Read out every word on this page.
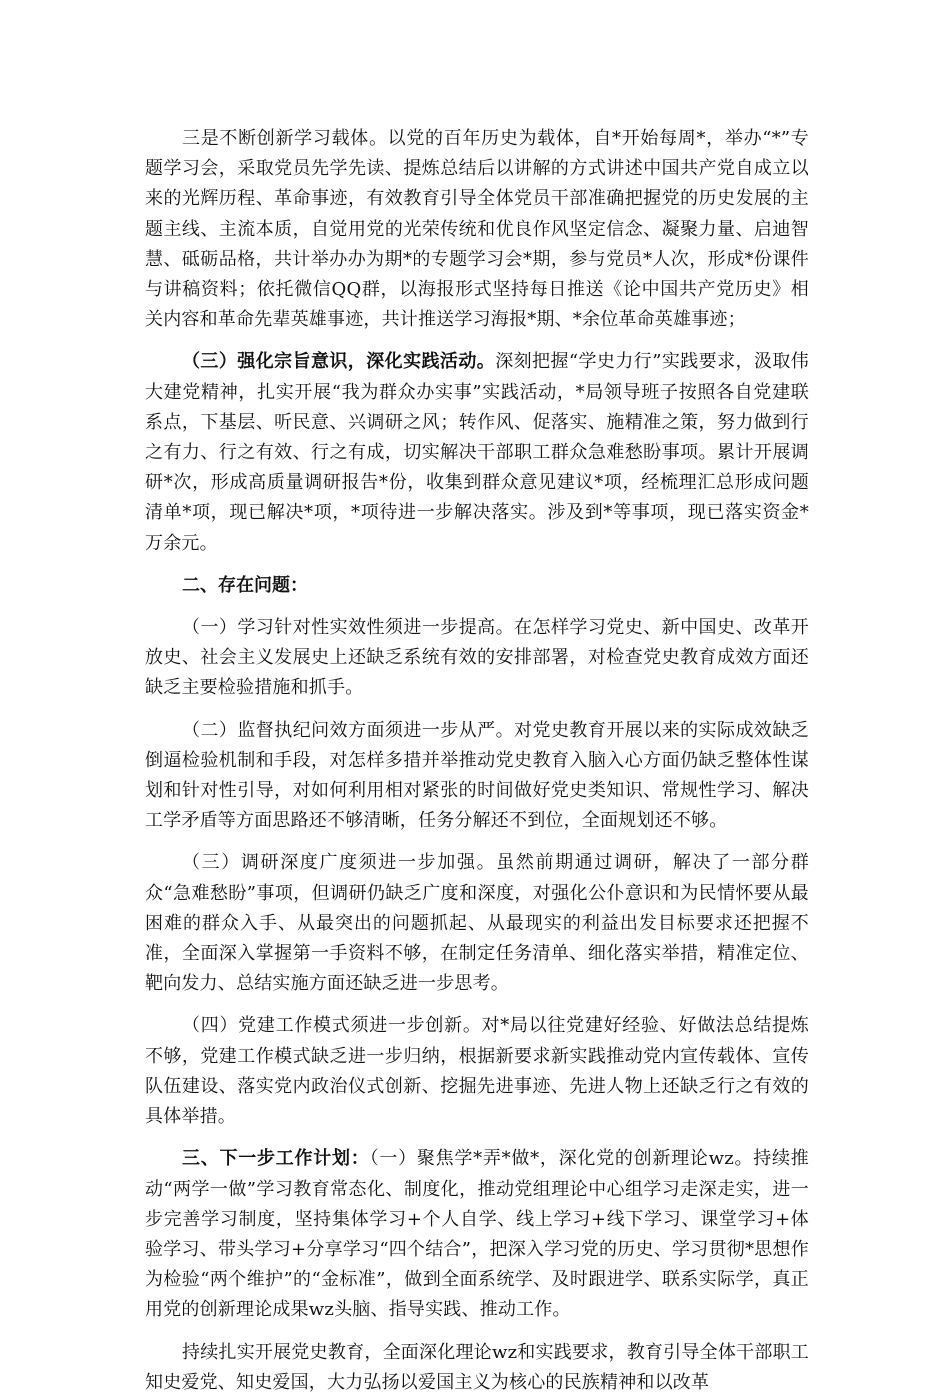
三是不断创新学习载体。以党的百年历史为载体，自*开始每周*，举办“*”专题学习会，采取党员先学先读、提炼总结后以讲解的方式讲述中国共产党自成立以来的光辉历程、革命事迹，有效教育引导全体党员干部准确把握党的历史发展的主题主线、主流本质，自觉用党的光荣传统和优良作风坚定信念、凝聚力量、启迪智慧、砥砺品格，共计举办办为期*的专题学习会*期，参与党员*人次，形成*份课件与讲稿资料；依托微信QQ群，以海报形式坚持每日推送《论中国共产党历史》相关内容和革命先辈英雄事迹，共计推送学习海报*期、*余位革命英雄事迹；

（三）强化宗旨意识，深化实践活动。深刻把握“学史力行”实践要求，汲取伟大建党精神，扎实开展“我为群众办实事”实践活动，*局领导班子按照各自党建联系点，下基层、听民意、兴调研之风；转作风、促落实、施精准之策，努力做到行之有力、行之有效、行之有成，切实解决干部职工群众急难愁盼事项。累计开展调研*次，形成高质量调研报告*份，收集到群众意见建议*项，经梳理汇总形成问题清单*项，现已解决*项，*项待进一步解决落实。涉及到*等事项，现已落实资金*万余元。

二、存在问题：

（一）学习针对性实效性须进一步提高。在怎样学习党史、新中国史、改革开放史、社会主义发展史上还缺乏系统有效的安排部署，对检查党史教育成效方面还缺乏主要检验措施和抓手。

（二）监督执纪问效方面须进一步从严。对党史教育开展以来的实际成效缺乏倒逼检验机制和手段，对怎样多措并举推动党史教育入脑入心方面仍缺乏整体性谋划和针对性引导，对如何利用相对紧张的时间做好党史类知识、常规性学习、解决工学矛盾等方面思路还不够清晰，任务分解还不到位，全面规划还不够。

（三）调研深度广度须进一步加强。虽然前期通过调研，解决了一部分群众“急难愁盼”事项，但调研仍缺乏广度和深度，对强化公仆意识和为民情怀要从最困难的群众入手、从最突出的问题抓起、从最现实的利益出发目标要求还把握不准，全面深入掌握第一手资料不够，在制定任务清单、细化落实举措，精准定位、靶向发力、总结实施方面还缺乏进一步思考。

（四）党建工作模式须进一步创新。对*局以往党建好经验、好做法总结提炼不够，党建工作模式缺乏进一步归纳，根据新要求新实践推动党内宣传载体、宣传队伍建设、落实党内政治仪式创新、挖掘先进事迹、先进人物上还缺乏行之有效的具体举措。

三、下一步工作计划：（一）聚焦学*弄*做*，深化党的创新理论wz。持续推动“两学一做”学习教育常态化、制度化，推动党组理论中心组学习走深走实，进一步完善学习制度，坚持集体学习+个人自学、线上学习+线下学习、课堂学习+体验学习、带头学习+分享学习“四个结合”，把深入学习党的历史、学习贯彻*思想作为检验“两个维护”的“金标准”，做到全面系统学、及时跟进学、联系实际学，真正用党的创新理论成果wz头脑、指导实践、推动工作。

持续扎实开展党史教育，全面深化理论wz和实践要求，教育引导全体干部职工知史爱党、知史爱国，大力弘扬以爱国主义为核心的民族精神和以改革
